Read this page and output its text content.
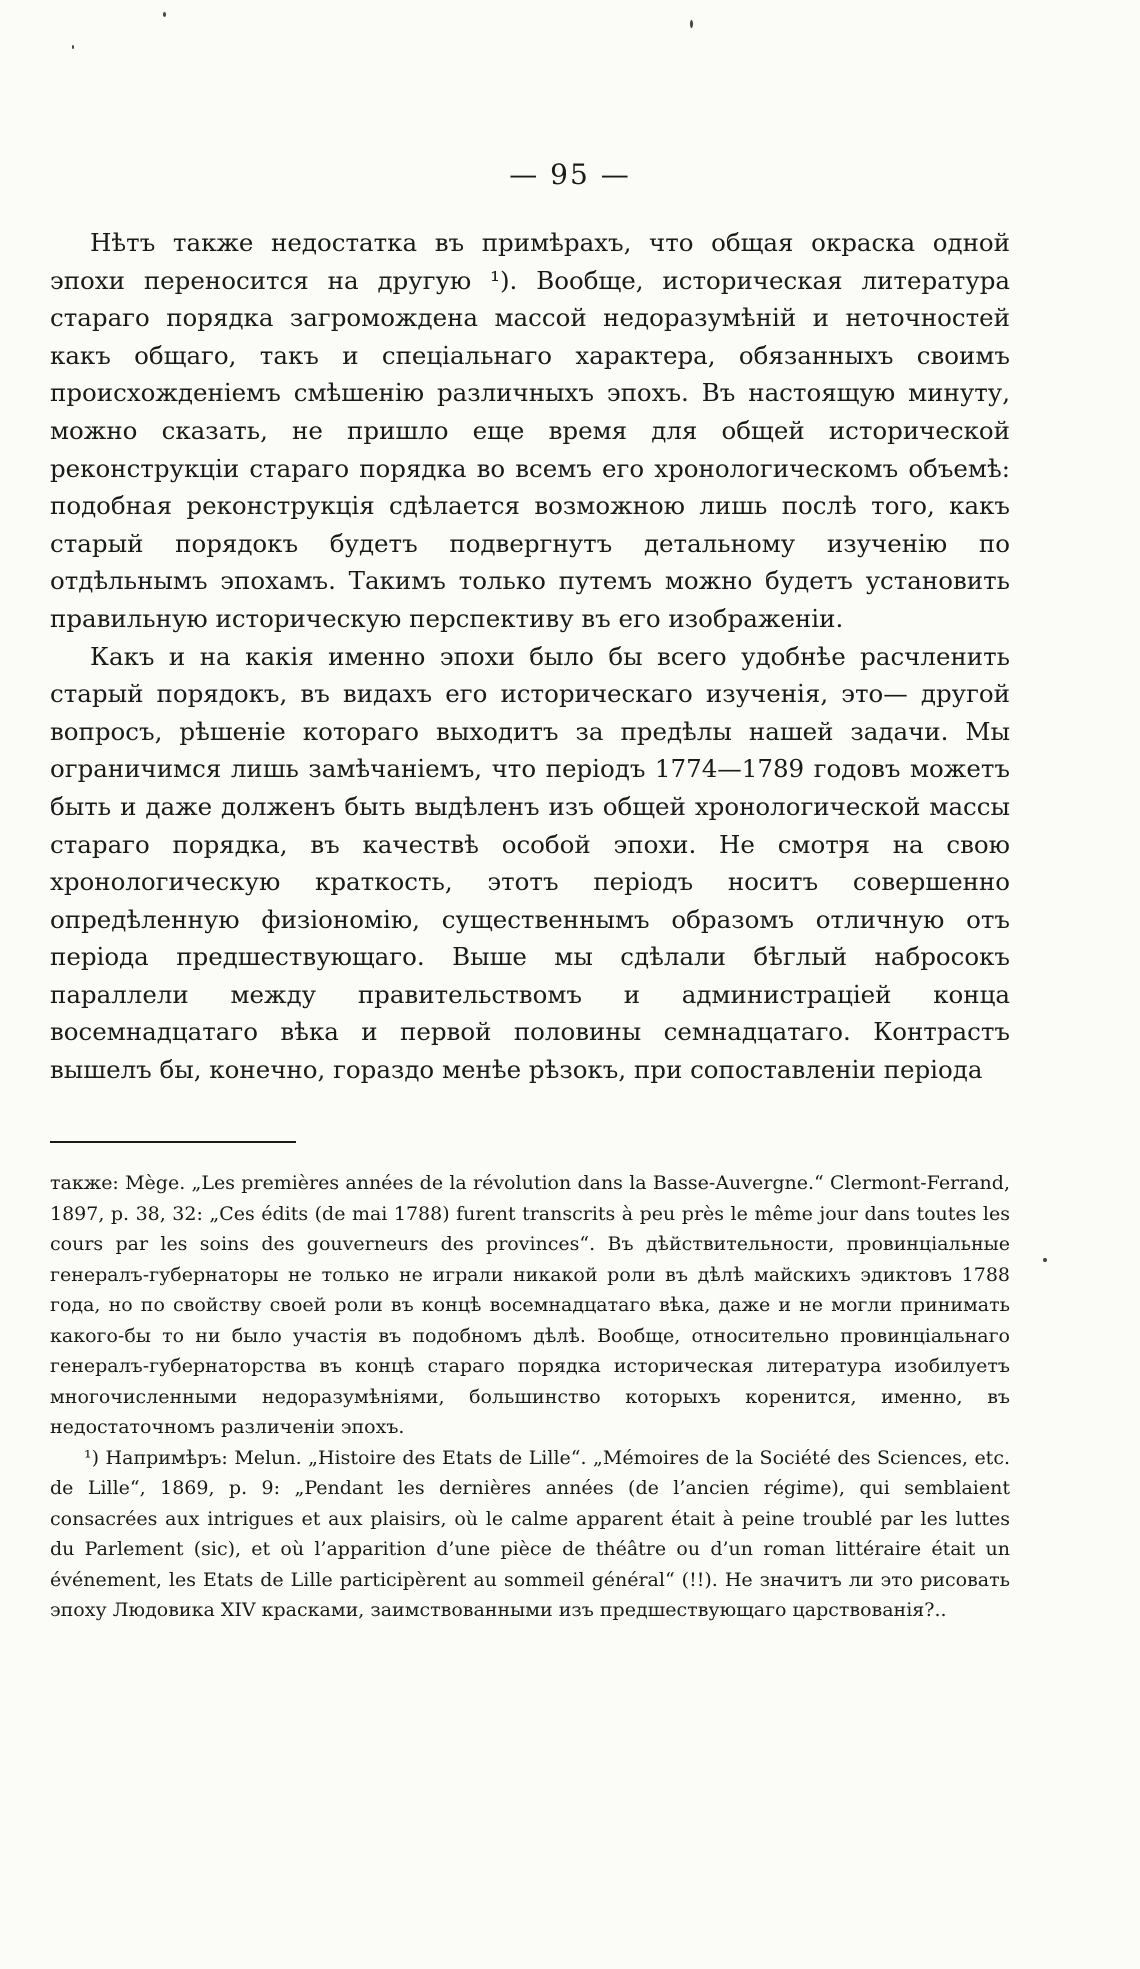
— 95 —

Нѣтъ также недостатка въ примѣрахъ, что общая окраска одной эпохи переносится на другую ¹). Вообще, историческая литература стараго порядка загромождена массой недоразумѣній и неточностей какъ общаго, такъ и спеціальнаго характера, обязанныхъ своимъ происхожденіемъ смѣшенію различныхъ эпохъ. Въ настоящую минуту, можно сказать, не пришло еще время для общей исторической реконструкціи стараго порядка во всемъ его хронологическомъ объемѣ: подобная реконструкція сдѣлается возможною лишь послѣ того, какъ старый порядокъ будетъ подвергнутъ детальному изученію по отдѣльнымъ эпохамъ. Такимъ только путемъ можно будетъ установить правильную историческую перспективу въ его изображеніи.

Какъ и на какія именно эпохи было бы всего удобнѣе расчленить старый порядокъ, въ видахъ его историческаго изученія, это— другой вопросъ, рѣшеніе котораго выходитъ за предѣлы нашей задачи. Мы ограничимся лишь замѣчаніемъ, что періодъ 1774—1789 годовъ можетъ быть и даже долженъ быть выдѣленъ изъ общей хронологической массы стараго порядка, въ качествѣ особой эпохи. Не смотря на свою хронологическую краткость, этотъ періодъ носитъ совершенно опредѣленную физіономію, существеннымъ образомъ отличную отъ періода предшествующаго. Выше мы сдѣлали бѣглый набросокъ параллели между правительствомъ и администраціей конца восемнадцатаго вѣка и первой половины семнадцатаго. Контрастъ вышелъ бы, конечно, гораздо менѣе рѣзокъ, при сопоставленіи періода

также: Mège. „Les premières années de la révolution dans la Basse-Auvergne.“ Clermont-Ferrand, 1897, p. 38, 32: „Ces édits (de mai 1788) furent transcrits à peu près le même jour dans toutes les cours par les soins des gouverneurs des provinces“. Въ дѣйствительности, провинціальные генералъ-губернаторы не только не играли никакой роли въ дѣлѣ майскихъ эдиктовъ 1788 года, но по свойству своей роли въ концѣ восемнадцатаго вѣка, даже и не могли принимать какого-бы то ни было участія въ подобномъ дѣлѣ. Вообще, относительно провинціальнаго генералъ-губернаторства въ концѣ стараго порядка историческая литература изобилуетъ многочисленными недоразумѣніями, большинство которыхъ коренится, именно, въ недостаточномъ различеніи эпохъ.

¹) Напримѣръ: Melun. „Histoire des Etats de Lille“. „Mémoires de la Société des Sciences, etc. de Lille“, 1869, p. 9: „Pendant les dernières années (de l’ancien régime), qui semblaient consacrées aux intrigues et aux plaisirs, où le calme apparent était à peine troublé par les luttes du Parlement (sic), et où l’apparition d’une pièce de théâtre ou d’un roman littéraire était un événement, les Etats de Lille participèrent au sommeil général“ (!!). Не значитъ ли это рисовать эпоху Людовика XIV красками, заимствованными изъ предшествующаго царствованія?..
